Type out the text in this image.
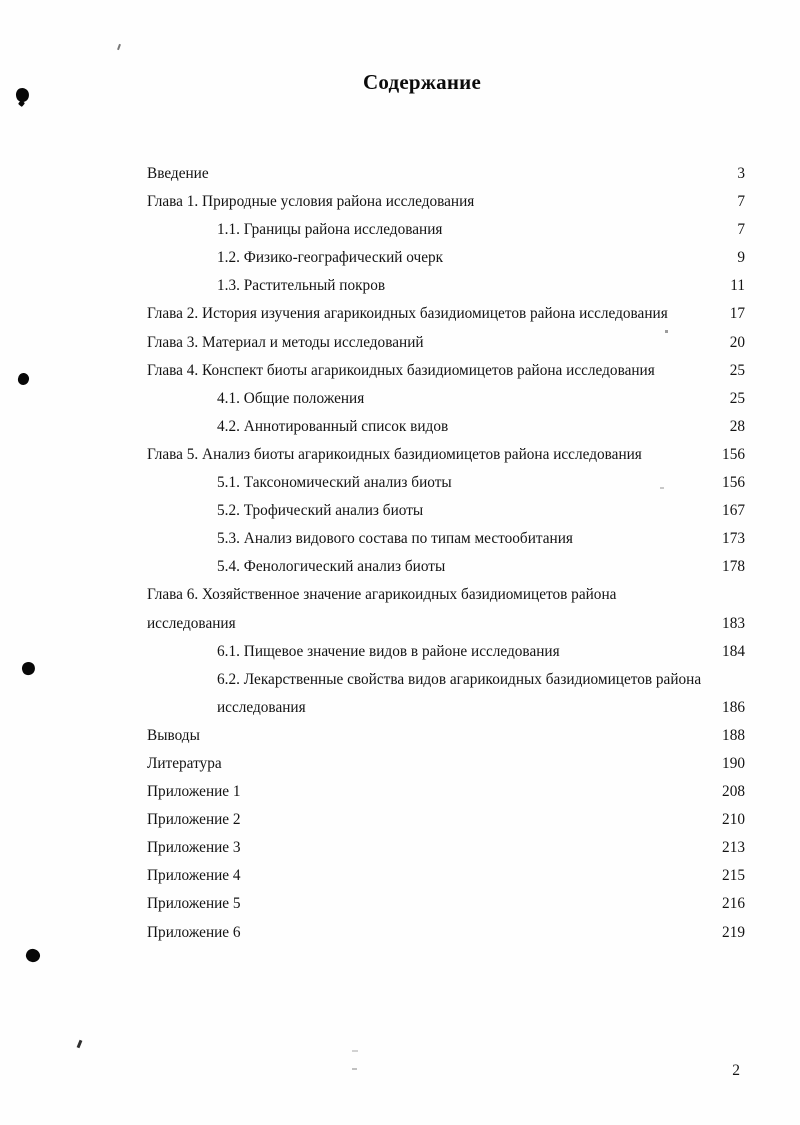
Содержание
Введение	3
Глава 1. Природные условия района исследования	7
1.1. Границы района исследования	7
1.2. Физико-географический очерк	9
1.3. Растительный покров	11
Глава 2. История изучения агарикоидных базидиомицетов района исследования	17
Глава 3. Материал и методы исследований	20
Глава 4. Конспект биоты агарикоидных базидиомицетов района исследования	25
4.1. Общие положения	25
4.2. Аннотированный список видов	28
Глава 5. Анализ биоты агарикоидных базидиомицетов района исследования	156
5.1. Таксономический анализ биоты	156
5.2. Трофический анализ биоты	167
5.3. Анализ видового состава по типам местообитания	173
5.4. Фенологический анализ биоты	178
Глава 6. Хозяйственное значение агарикоидных базидиомицетов района
исследования	183
6.1. Пищевое значение видов в районе исследования	184
6.2. Лекарственные свойства видов агарикоидных базидиомицетов района
исследования	186
Выводы	188
Литература	190
Приложение 1	208
Приложение 2	210
Приложение 3	213
Приложение 4	215
Приложение 5	216
Приложение 6	219
2
